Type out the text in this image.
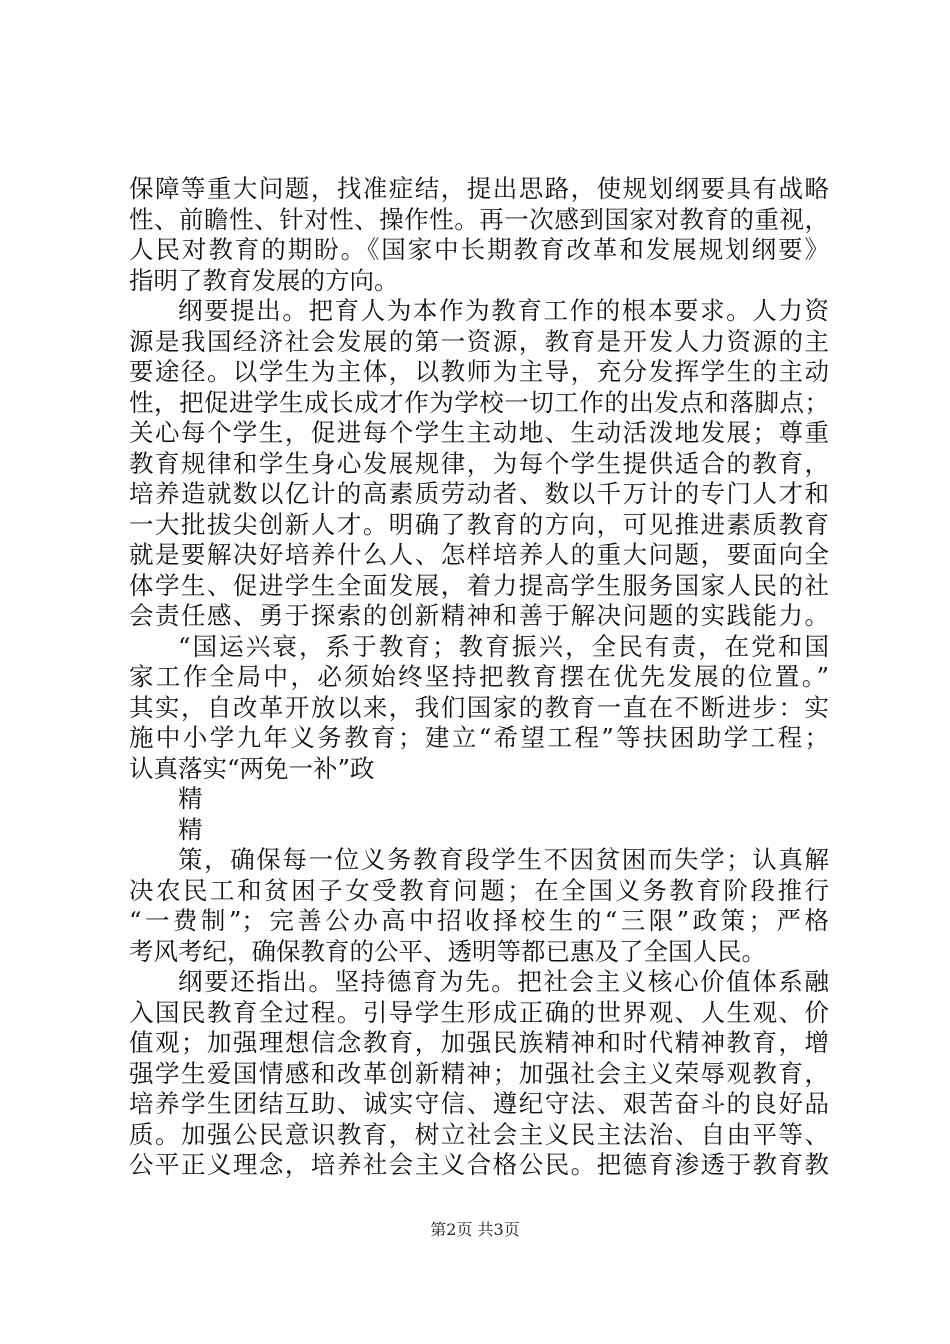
保障等重大问题，找准症结，提出思路，使规划纲要具有战略
性、前瞻性、针对性、操作性。再一次感到国家对教育的重视，
人民对教育的期盼。《国家中长期教育改革和发展规划纲要》
指明了教育发展的方向。
纲要提出。把育人为本作为教育工作的根本要求。人力资
源是我国经济社会发展的第一资源，教育是开发人力资源的主
要途径。以学生为主体，以教师为主导，充分发挥学生的主动
性，把促进学生成长成才作为学校一切工作的出发点和落脚点；
关心每个学生，促进每个学生主动地、生动活泼地发展；尊重
教育规律和学生身心发展规律，为每个学生提供适合的教育，
培养造就数以亿计的高素质劳动者、数以千万计的专门人才和
一大批拔尖创新人才。明确了教育的方向，可见推进素质教育
就是要解决好培养什么人、怎样培养人的重大问题，要面向全
体学生、促进学生全面发展，着力提高学生服务国家人民的社
会责任感、勇于探索的创新精神和善于解决问题的实践能力。
“国运兴衰，系于教育；教育振兴，全民有责，在党和国
家工作全局中，必须始终坚持把教育摆在优先发展的位置。”
其实，自改革开放以来，我们国家的教育一直在不断进步：实
施中小学九年义务教育；建立“希望工程”等扶困助学工程；
认真落实“两免一补”政
精
精
策，确保每一位义务教育段学生不因贫困而失学；认真解
决农民工和贫困子女受教育问题；在全国义务教育阶段推行
“一费制”；完善公办高中招收择校生的“三限”政策；严格
考风考纪，确保教育的公平、透明等都已惠及了全国人民。
纲要还指出。坚持德育为先。把社会主义核心价值体系融
入国民教育全过程。引导学生形成正确的世界观、人生观、价
值观；加强理想信念教育，加强民族精神和时代精神教育，增
强学生爱国情感和改革创新精神；加强社会主义荣辱观教育，
培养学生团结互助、诚实守信、遵纪守法、艰苦奋斗的良好品
质。加强公民意识教育，树立社会主义民主法治、自由平等、
公平正义理念，培养社会主义合格公民。把德育渗透于教育教
第2页 共3页
